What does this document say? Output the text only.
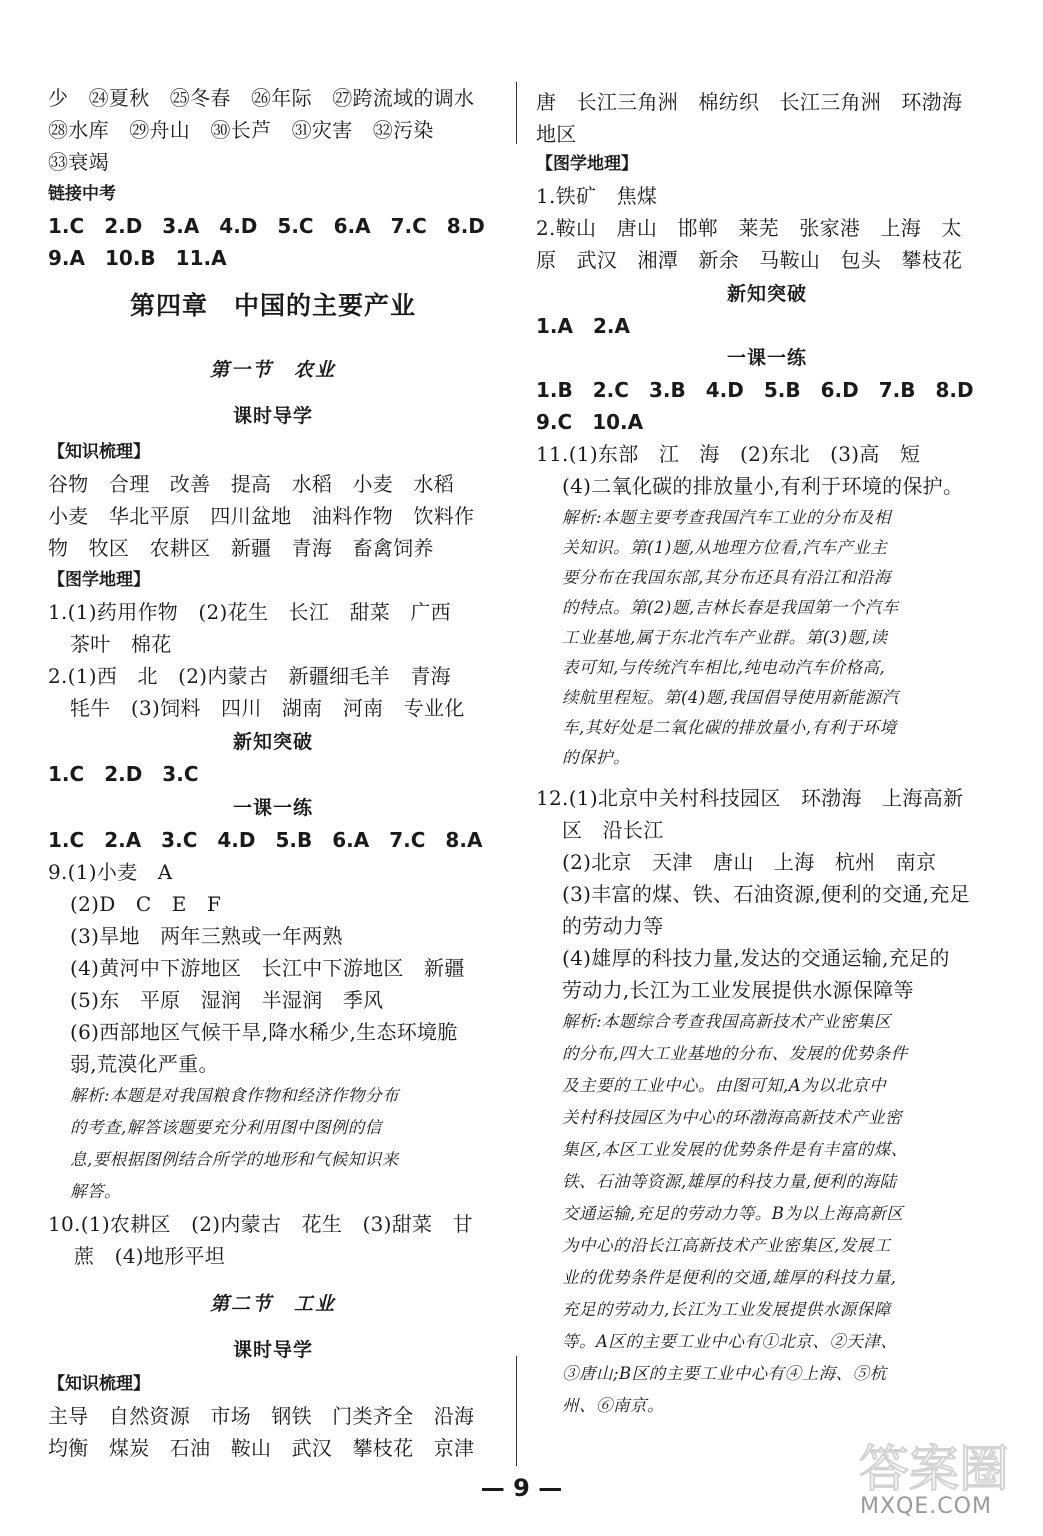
少　㉔夏秋　㉕冬春　㉖年际　㉗跨流域的调水
㉘水库　㉙舟山　㉚长芦　㉛灾害　㉜污染
㉝衰竭
链接中考
1.C　2.D　3.A　4.D　5.C　6.A　7.C　8.D
9.A　10.B　11.A
第四章　中国的主要产业
第一节　农业
课时导学
【知识梳理】
谷物　合理　改善　提高　水稻　小麦　水稻
小麦　华北平原　四川盆地　油料作物　饮料作
物　牧区　农耕区　新疆　青海　畜禽饲养
【图学地理】
1.(1)药用作物　(2)花生　长江　甜菜　广西
茶叶　棉花
2.(1)西　北　(2)内蒙古　新疆细毛羊　青海
牦牛　(3)饲料　四川　湖南　河南　专业化
新知突破
1.C　2.D　3.C
一课一练
1.C　2.A　3.C　4.D　5.B　6.A　7.C　8.A
9.(1)小麦　A
(2)D　C　E　F
(3)旱地　两年三熟或一年两熟
(4)黄河中下游地区　长江中下游地区　新疆
(5)东　平原　湿润　半湿润　季风
(6)西部地区气候干旱,降水稀少,生态环境脆
弱,荒漠化严重。
解析:本题是对我国粮食作物和经济作物分布
的考查,解答该题要充分利用图中图例的信
息,要根据图例结合所学的地形和气候知识来
解答。
10.(1)农耕区　(2)内蒙古　花生　(3)甜菜　甘
蔗　(4)地形平坦
第二节　工业
课时导学
【知识梳理】
主导　自然资源　市场　钢铁　门类齐全　沿海
均衡　煤炭　石油　鞍山　武汉　攀枝花　京津
唐　长江三角洲　棉纺织　长江三角洲　环渤海
地区
【图学地理】
1.铁矿　焦煤
2.鞍山　唐山　邯郸　莱芜　张家港　上海　太
原　武汉　湘潭　新余　马鞍山　包头　攀枝花
新知突破
1.A　2.A
一课一练
1.B　2.C　3.B　4.D　5.B　6.D　7.B　8.D
9.C　10.A
11.(1)东部　江　海　(2)东北　(3)高　短
(4)二氧化碳的排放量小,有利于环境的保护。
解析:本题主要考查我国汽车工业的分布及相
关知识。第(1)题,从地理方位看,汽车产业主
要分布在我国东部,其分布还具有沿江和沿海
的特点。第(2)题,吉林长春是我国第一个汽车
工业基地,属于东北汽车产业群。第(3)题,读
表可知,与传统汽车相比,纯电动汽车价格高,
续航里程短。第(4)题,我国倡导使用新能源汽
车,其好处是二氧化碳的排放量小,有利于环境
的保护。
12.(1)北京中关村科技园区　环渤海　上海高新
区　沿长江
(2)北京　天津　唐山　上海　杭州　南京
(3)丰富的煤、铁、石油资源,便利的交通,充足
的劳动力等
(4)雄厚的科技力量,发达的交通运输,充足的
劳动力,长江为工业发展提供水源保障等
解析:本题综合考查我国高新技术产业密集区
的分布,四大工业基地的分布、发展的优势条件
及主要的工业中心。由图可知,A为以北京中
关村科技园区为中心的环渤海高新技术产业密
集区,本区工业发展的优势条件是有丰富的煤、
铁、石油等资源,雄厚的科技力量,便利的海陆
交通运输,充足的劳动力等。B为以上海高新区
为中心的沿长江高新技术产业密集区,发展工
业的优势条件是便利的交通,雄厚的科技力量,
充足的劳动力,长江为工业发展提供水源保障
等。A区的主要工业中心有①北京、②天津、
③唐山;B区的主要工业中心有④上海、⑤杭
州、⑥南京。
— 9 —	答案圈
MXQE.COM
